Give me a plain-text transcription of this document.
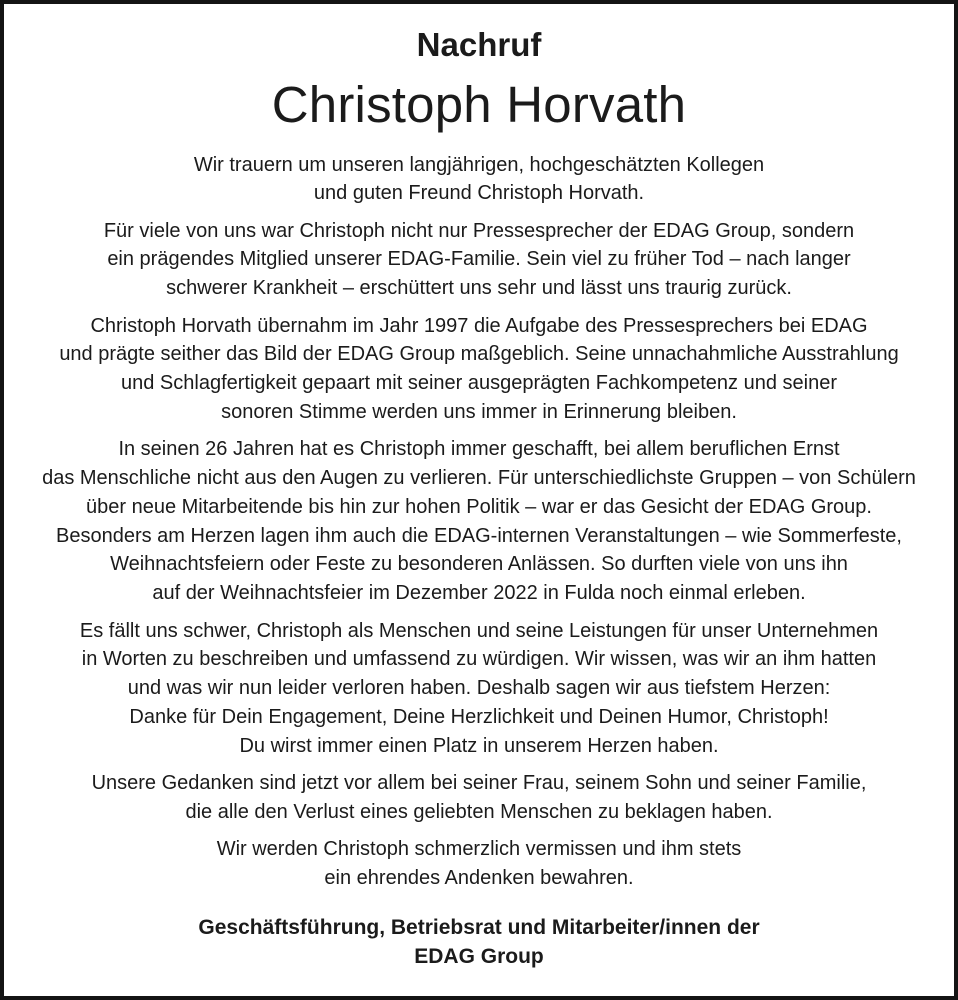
Nachruf
Christoph Horvath
Wir trauern um unseren langjährigen, hochgeschätzten Kollegen
und guten Freund Christoph Horvath.
Für viele von uns war Christoph nicht nur Pressesprecher der EDAG Group, sondern
ein prägendes Mitglied unserer EDAG-Familie. Sein viel zu früher Tod – nach langer
schwerer Krankheit – erschüttert uns sehr und lässt uns traurig zurück.
Christoph Horvath übernahm im Jahr 1997 die Aufgabe des Pressesprechers bei EDAG
und prägte seither das Bild der EDAG Group maßgeblich. Seine unnachahmliche Ausstrahlung
und Schlagfertigkeit gepaart mit seiner ausgeprägten Fachkompetenz und seiner
sonoren Stimme werden uns immer in Erinnerung bleiben.
In seinen 26 Jahren hat es Christoph immer geschafft, bei allem beruflichen Ernst
das Menschliche nicht aus den Augen zu verlieren. Für unterschiedlichste Gruppen – von Schülern
über neue Mitarbeitende bis hin zur hohen Politik – war er das Gesicht der EDAG Group.
Besonders am Herzen lagen ihm auch die EDAG-internen Veranstaltungen – wie Sommerfeste,
Weihnachtsfeiern oder Feste zu besonderen Anlässen. So durften viele von uns ihn
auf der Weihnachtsfeier im Dezember 2022 in Fulda noch einmal erleben.
Es fällt uns schwer, Christoph als Menschen und seine Leistungen für unser Unternehmen
in Worten zu beschreiben und umfassend zu würdigen. Wir wissen, was wir an ihm hatten
und was wir nun leider verloren haben. Deshalb sagen wir aus tiefstem Herzen:
Danke für Dein Engagement, Deine Herzlichkeit und Deinen Humor, Christoph!
Du wirst immer einen Platz in unserem Herzen haben.
Unsere Gedanken sind jetzt vor allem bei seiner Frau, seinem Sohn und seiner Familie,
die alle den Verlust eines geliebten Menschen zu beklagen haben.
Wir werden Christoph schmerzlich vermissen und ihm stets
ein ehrendes Andenken bewahren.
Geschäftsführung, Betriebsrat und Mitarbeiter/innen der
EDAG Group
